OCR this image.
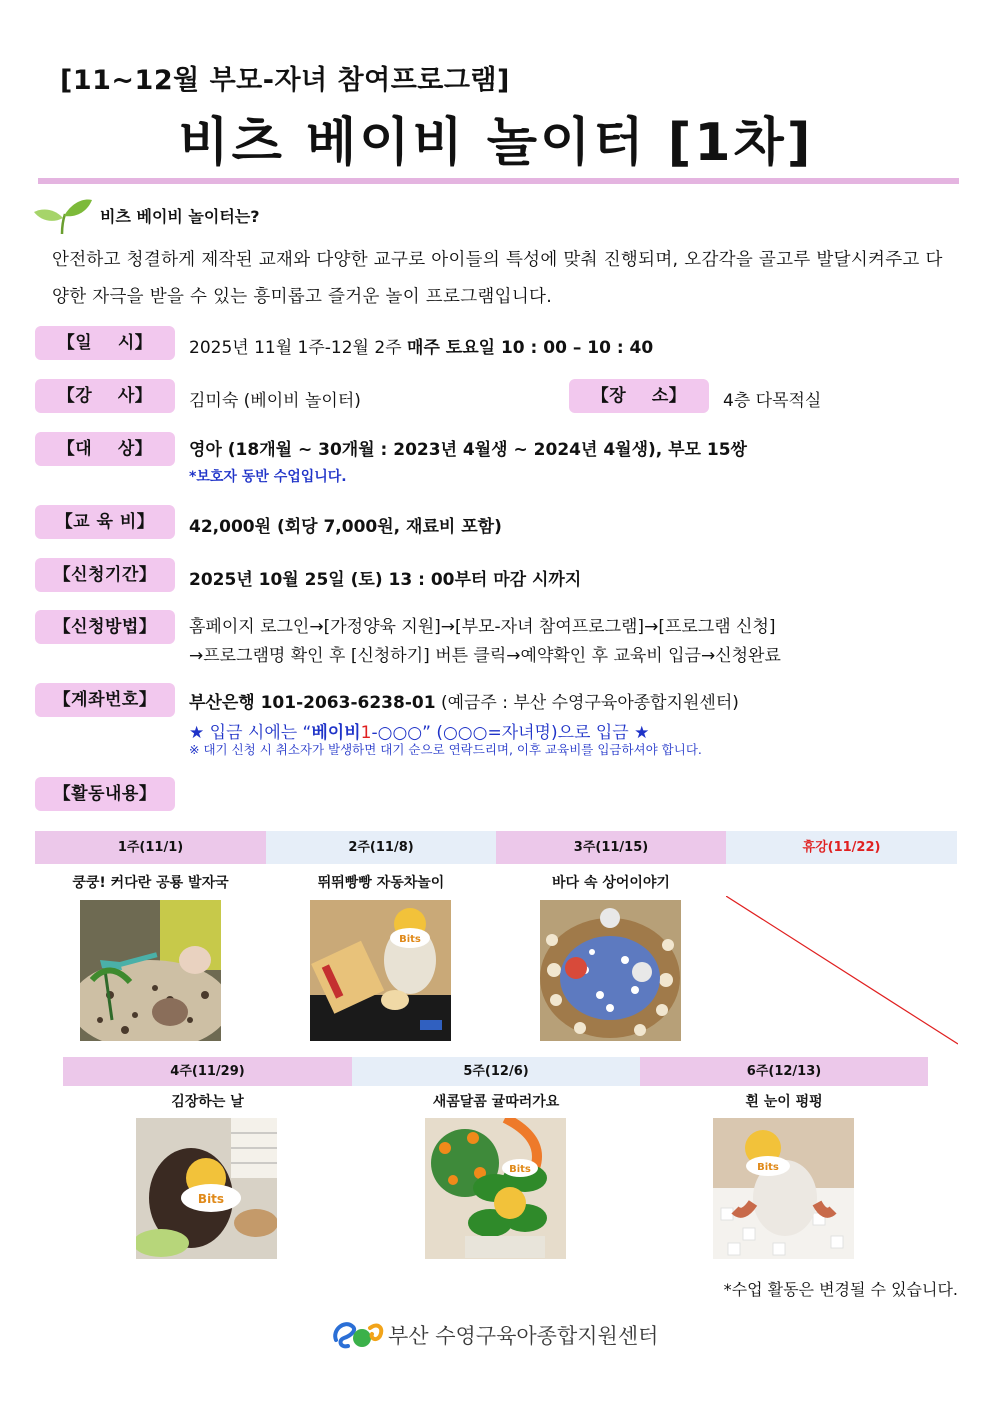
[11~12월 부모-자녀 참여프로그램]
비츠 베이비 놀이터 [1차]
비츠 베이비 놀이터는?
안전하고 청결하게 제작된 교재와 다양한 교구로 아이들의 특성에 맞춰 진행되며, 오감각을 골고루 발달시켜주고 다양한 자극을 받을 수 있는 흥미롭고 즐거운 놀이 프로그램입니다.
【일    시】	2025년 11월 1주-12월 2주 매주 토요일 10 : 00 – 10 : 40
【강    사】	김미숙 (베이비 놀이터)	【장    소】	4층 다목적실
【대    상】	영아 (18개월 ~ 30개월 : 2023년 4월생 ~ 2024년 4월생), 부모 15쌍
*보호자 동반 수업입니다.
【교 육 비】	42,000원 (회당 7,000원, 재료비 포함)
【신청기간】	2025년 10월 25일 (토) 13 : 00부터 마감 시까지
【신청방법】	홈페이지 로그인→[가정양육 지원]→[부모-자녀 참여프로그램]→[프로그램 신청]
→프로그램명 확인 후 [신청하기] 버튼 클릭→예약확인 후 교육비 입금→신청완료
【계좌번호】	부산은행 101-2063-6238-01 (예금주 : 부산 수영구육아종합지원센터)
★ 입금 시에는 “베이비1-○○○” (○○○=자녀명)으로 입금 ★
※ 대기 신청 시 취소자가 발생하면 대기 순으로 연락드리며, 이후 교육비를 입금하셔야 합니다.
【활동내용】
1주(11/1)	2주(11/8)	3주(11/15)	휴강(11/22)
쿵쿵! 커다란 공룡 발자국	뛰뛰빵빵 자동차놀이	바다 속 상어이야기
Bits
4주(11/29)	5주(12/6)	6주(12/13)
김장하는 날	새콤달콤 귤따러가요	흰 눈이 펑펑
Bits
Bits	Bits
*수업 활동은 변경될 수 있습니다.
부산 수영구육아종합지원센터
